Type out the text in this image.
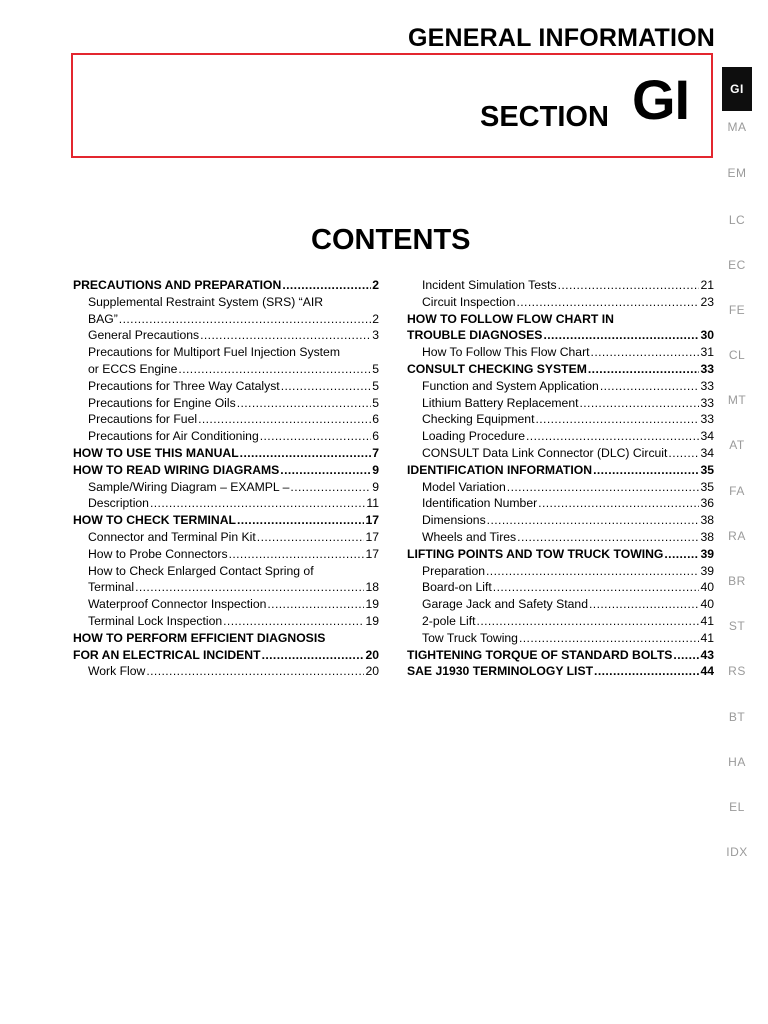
GENERAL INFORMATION
SECTION GI
CONTENTS
PRECAUTIONS AND PREPARATION .....	2
Supplemental Restraint System (SRS) “AIR
BAG” .....	2
General Precautions .....	3
Precautions for Multiport Fuel Injection System
or ECCS Engine .....	5
Precautions for Three Way Catalyst .....	5
Precautions for Engine Oils .....	5
Precautions for Fuel .....	6
Precautions for Air Conditioning .....	6
HOW TO USE THIS MANUAL .....	7
HOW TO READ WIRING DIAGRAMS .....	9
Sample/Wiring Diagram – EXAMPL – .....	9
Description .....	11
HOW TO CHECK TERMINAL .....	17
Connector and Terminal Pin Kit .....	17
How to Probe Connectors .....	17
How to Check Enlarged Contact Spring of
Terminal .....	18
Waterproof Connector Inspection .....	19
Terminal Lock Inspection .....	19
HOW TO PERFORM EFFICIENT DIAGNOSIS
FOR AN ELECTRICAL INCIDENT .....	20
Work Flow .....	20
Incident Simulation Tests .....	21
Circuit Inspection .....	23
HOW TO FOLLOW FLOW CHART IN
TROUBLE DIAGNOSES .....	30
How To Follow This Flow Chart .....	31
CONSULT CHECKING SYSTEM .....	33
Function and System Application .....	33
Lithium Battery Replacement .....	33
Checking Equipment .....	33
Loading Procedure .....	34
CONSULT Data Link Connector (DLC) Circuit .....	34
IDENTIFICATION INFORMATION .....	35
Model Variation .....	35
Identification Number .....	36
Dimensions .....	38
Wheels and Tires .....	38
LIFTING POINTS AND TOW TRUCK TOWING .....	39
Preparation .....	39
Board-on Lift .....	40
Garage Jack and Safety Stand .....	40
2-pole Lift .....	41
Tow Truck Towing .....	41
TIGHTENING TORQUE OF STANDARD BOLTS ..... 43
SAE J1930 TERMINOLOGY LIST .....	44
GI
MA
EM
LC
EC
FE
CL
MT
AT
FA
RA
BR
ST
RS
BT
HA
EL
IDX
